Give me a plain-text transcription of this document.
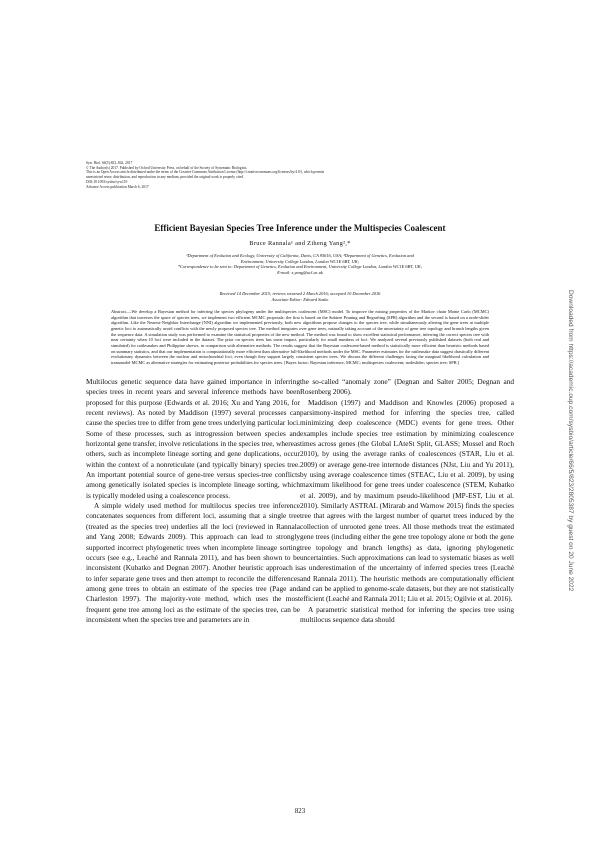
Syst. Biol. 66(5):823–842, 2017
© The Author(s) 2017. Published by Oxford University Press, on behalf of the Society of Systematic Biologists.
This is an Open Access article distributed under the terms of the Creative Commons Attribution License (http://creativecommons.org/licenses/by/4.0/), which permits
unrestricted reuse, distribution, and reproduction in any medium, provided the original work is properly cited.
DOI:10.1093/sysbio/syw119
Advance Access publication March 6, 2017
Efficient Bayesian Species Tree Inference under the Multispecies Coalescent
Bruce Rannala¹ and Ziheng Yang²,*
¹Department of Evolution and Ecology, University of California, Davis, CA 95616, USA; ²Department of Genetics, Evolution and
Environment, University College London, London WC1E 6BT, UK;
*Correspondence to be sent to: Department of Genetics, Evolution and Environment, University College London, London WC1E 6BT, UK;
E-mail: z.yang@ucl.ac.uk
Received 14 December 2015; reviews returned 2 March 2016; accepted 10 December 2016
Associate Editor: Edward Susko
Abstract.—We develop a Bayesian method for inferring the species phylogeny under the multispecies coalescent (MSC) model. To improve the mixing properties of the Markov chain Monte Carlo (MCMC) algorithm that traverses the space of species trees, we implement two efficient MCMC proposals: the first is based on the Subtree Pruning and Regrafting (SPR) algorithm and the second is based on a node-slider algorithm. Like the Nearest-Neighbor Interchange (NNI) algorithm we implemented previously, both new algorithms propose changes to the species tree, while simultaneously altering the gene trees at multiple genetic loci to automatically avoid conflicts with the newly proposed species tree. The method integrates over gene trees, naturally taking account of the uncertainty of gene tree topology and branch lengths given the sequence data. A simulation study was performed to examine the statistical properties of the new method. The method was found to show excellent statistical performance, inferring the correct species tree with near certainty when 10 loci were included in the dataset. The prior on species trees has some impact, particularly for small numbers of loci. We analyzed several previously published datasets (both real and simulated) for rattlesnakes and Philippine shrews, in comparison with alternative methods. The results suggest that the Bayesian coalescent-based method is statistically more efficient than heuristic methods based on summary statistics, and that our implementation is computationally more efficient than alternative full-likelihood methods under the MSC. Parameter estimates for the rattlesnake data suggest drastically different evolutionary dynamics between the nuclear and mitochondrial loci, even though they support largely consistent species trees. We discuss the different challenges facing the marginal likelihood calculation and transmodel MCMC as alternative strategies for estimating posterior probabilities for species trees. [Bayes factor; Bayesian inference; MCMC; multispecies coalescent; nodeslider; species tree; SPR.]

Multilocus genetic sequence data have gained importance in inferring species trees in recent years and several inference methods have been proposed for this purpose (Edwards et al. 2016; Xu and Yang 2016, for recent reviews). As noted by Maddison (1997) several processes can cause the species tree to differ from gene trees underlying particular loci. Some of these processes, such as introgression between species and horizontal gene transfer, involve reticulations in the species tree, whereas others, such as incomplete lineage sorting and gene duplications, occur within the context of a nonreticulate (and typically binary) species tree. An important potential source of gene-tree versus species-tree conflicts among genetically isolated species is incomplete lineage sorting, which is typically modeled using a coalescence process.

A simple widely used method for multilocus species tree inference concatenates sequences from different loci, assuming that a single tree (treated as the species tree) underlies all the loci (reviewed in Rannala and Yang 2008; Edwards 2009). This approach can lead to strongly supported incorrect phylogenetic trees when incomplete lineage sorting occurs (see e.g., Leaché and Rannala 2011), and has been shown to be inconsistent (Kubatko and Degnan 2007). Another heuristic approach is to infer separate gene trees and then attempt to reconcile the differences among gene trees to obtain an estimate of the species tree (Page and Charleston 1997). The majority-vote method, which uses the most frequent gene tree among loci as the estimate of the species tree, can be inconsistent when the species tree and parameters are in

the so-called “anomaly zone” (Degnan and Salter 2005; Degnan and Rosenberg 2006).

Maddison (1997) and Maddison and Knowles (2006) proposed a parsimony-inspired method for inferring the species tree, called minimizing deep coalescence (MDC) events for gene trees. Other examples include species tree estimation by minimizing coalescence times across genes (the Global LAteSt Split, GLASS; Mossel and Roch 2010), by using the average ranks of coalescences (STAR, Liu et al. 2009) or average gene-tree internode distances (NJst, Liu and Yu 2011), by using average coalescence times (STEAC, Liu et al. 2009), by using maximum likelihood for gene trees under coalescence (STEM, Kubatko et al. 2009), and by maximum pseudo-likelihood (MP-EST, Liu et al. 2010). Similarly ASTRAL (Mirarab and Warnow 2015) finds the species tree that agrees with the largest number of quartet trees induced by the collection of unrooted gene trees. All those methods treat the estimated gene trees (including either the gene tree topology alone or both the gene tree topology and branch lengths) as data, ignoring phylogenetic uncertainties. Such approximations can lead to systematic biases as well as underestimation of the uncertainty of inferred species trees (Leaché and Rannala 2011). The heuristic methods are computationally efficient and can be applied to genome-scale datasets, but they are not statistically efficient (Leaché and Rannala 2011; Liu et al. 2015; Ogilvie et al. 2016).

A parametric statistical method for inferring the species tree using multilocus sequence data should

823
Downloaded from https://academic.oup.com/sysbio/article/66/5/823/2805387 by guest on 20 June 2022
